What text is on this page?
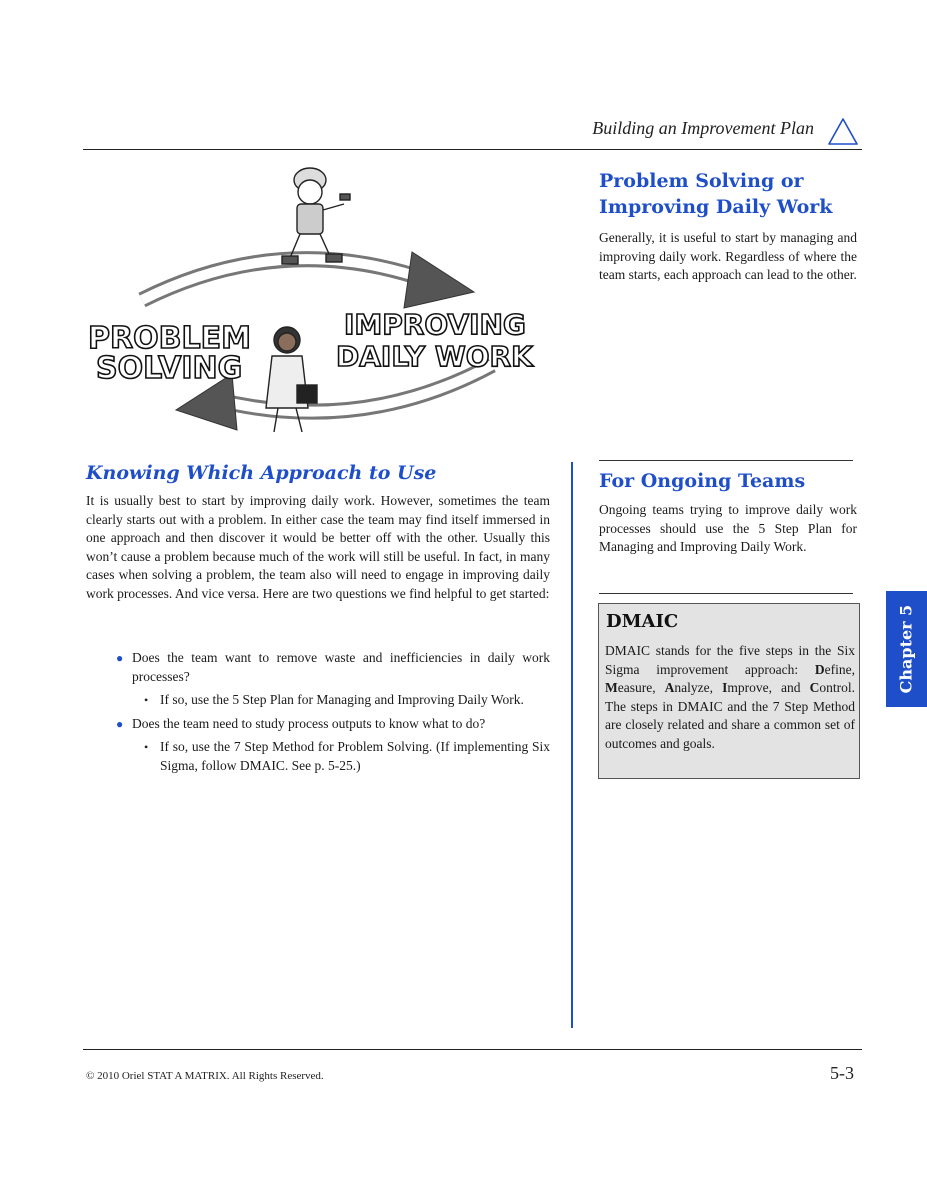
Building an Improvement Plan
PROBLEM
SOLVING
IMPROVING
DAILY WORK
Problem Solving or
Improving Daily Work

Generally, it is useful to start by managing and improving daily work. Regardless of where the team starts, each approach can lead to the other.

Knowing Which Approach to Use

It is usually best to start by improving daily work. However, sometimes the team clearly starts out with a problem. In either case the team may find itself immersed in one approach and then discover it would be better off with the other. Usually this won’t cause a problem because much of the work will still be useful. In fact, in many cases when solving a problem, the team also will need to engage in improving daily work processes. And vice versa. Here are two questions we find helpful to get started:

● Does the team want to remove waste and inefficiencies in daily work processes?
• If so, use the 5 Step Plan for Managing and Improving Daily Work.
● Does the team need to study process outputs to know what to do?
• If so, use the 7 Step Method for Problem Solving. (If implementing Six Sigma, follow DMAIC. See p. 5-25.)
For Ongoing Teams

Ongoing teams trying to improve daily work processes should use the 5 Step Plan for Managing and Improving Daily Work.

DMAIC
DMAIC stands for the five steps in the Six Sigma improvement approach: Define, Measure, Analyze, Improve, and Control. The steps in DMAIC and the 7 Step Method are closely related and share a common set of outcomes and goals.
Chapter 5
© 2010 Oriel STAT A MATRIX. All Rights Reserved.	5-3
